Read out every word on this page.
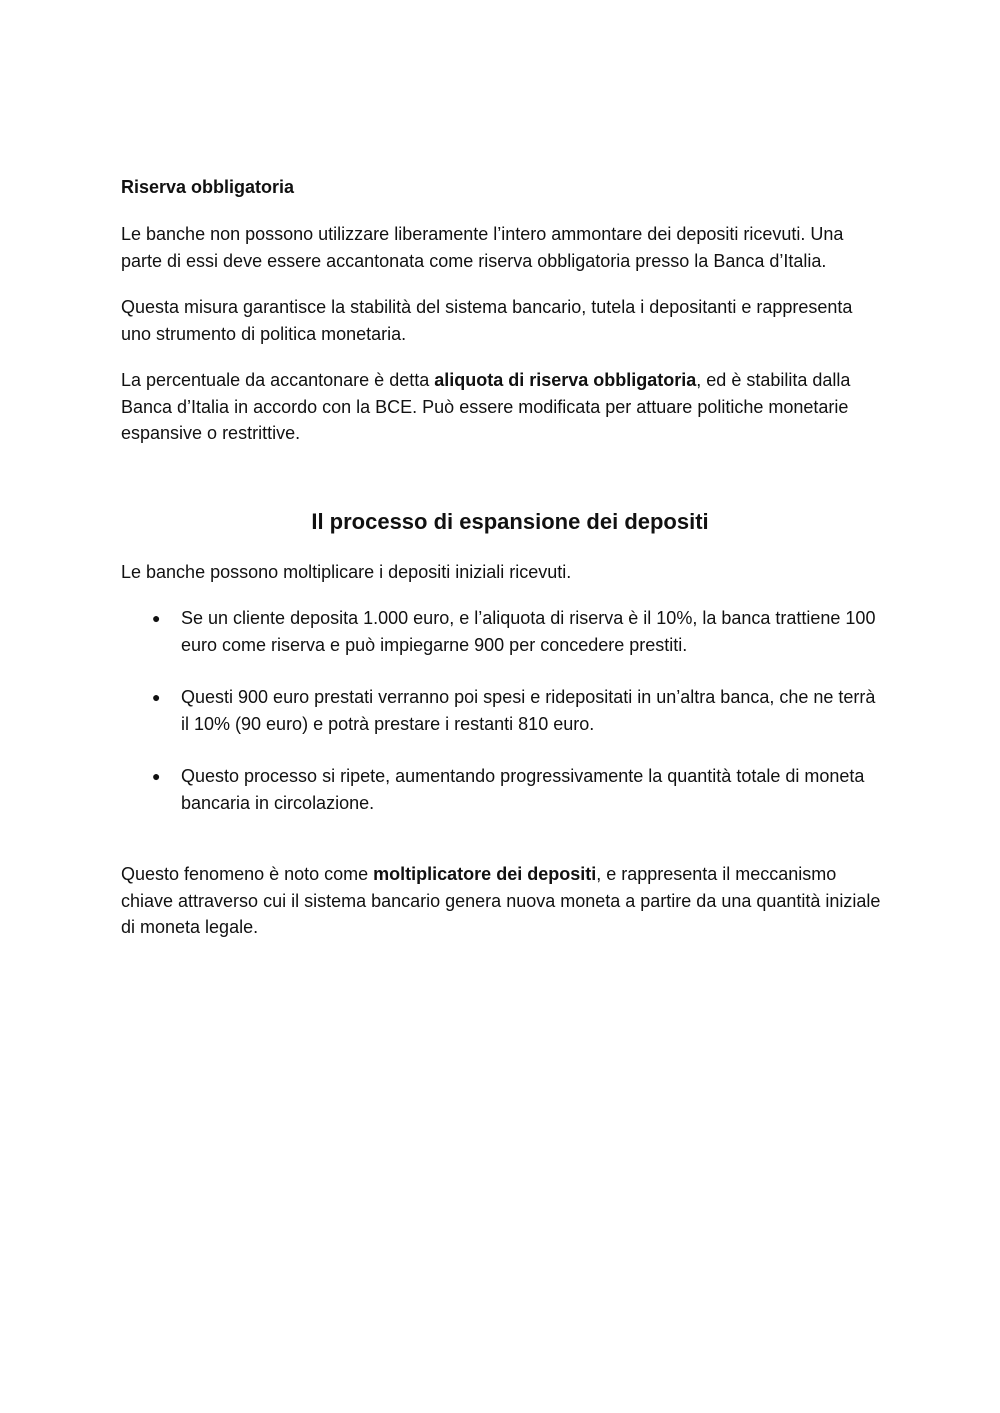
Riserva obbligatoria

Le banche non possono utilizzare liberamente l’intero ammontare dei depositi ricevuti. Una parte di essi deve essere accantonata come riserva obbligatoria presso la Banca d’Italia.

Questa misura garantisce la stabilità del sistema bancario, tutela i depositanti e rappresenta uno strumento di politica monetaria.

La percentuale da accantonare è detta aliquota di riserva obbligatoria, ed è stabilita dalla Banca d’Italia in accordo con la BCE. Può essere modificata per attuare politiche monetarie espansive o restrittive.

Il processo di espansione dei depositi

Le banche possono moltiplicare i depositi iniziali ricevuti.

● Se un cliente deposita 1.000 euro, e l’aliquota di riserva è il 10%, la banca trattiene 100 euro come riserva e può impiegarne 900 per concedere prestiti.
● Questi 900 euro prestati verranno poi spesi e ridepositati in un’altra banca, che ne terrà il 10% (90 euro) e potrà prestare i restanti 810 euro.
● Questo processo si ripete, aumentando progressivamente la quantità totale di moneta bancaria in circolazione.

Questo fenomeno è noto come moltiplicatore dei depositi, e rappresenta il meccanismo chiave attraverso cui il sistema bancario genera nuova moneta a partire da una quantità iniziale di moneta legale.
